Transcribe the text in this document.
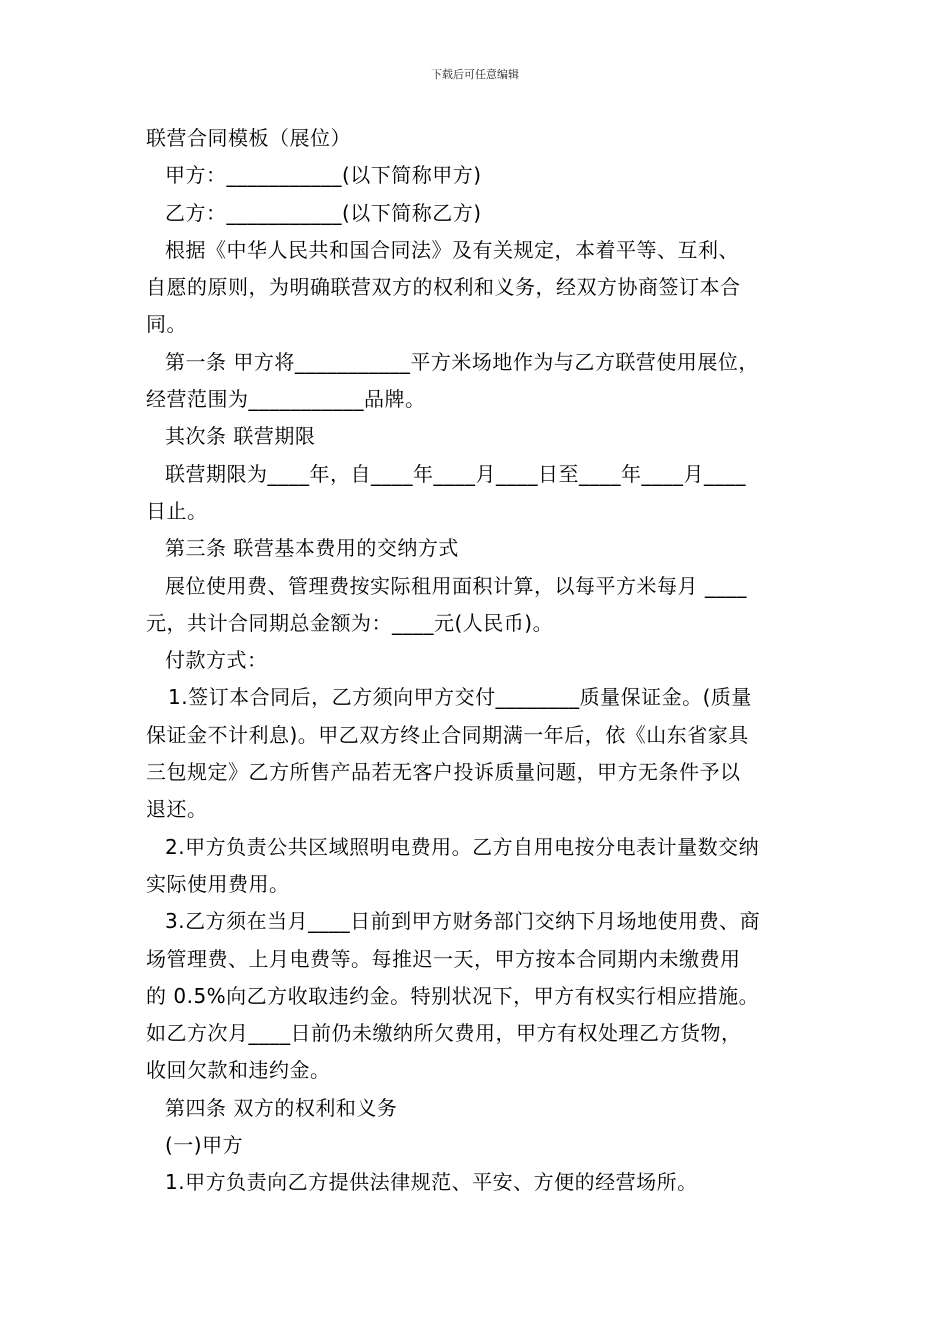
下载后可任意编辑
联营合同模板（展位）
甲方：___________(以下简称甲方)
乙方：___________(以下简称乙方)
根据《中华人民共和国合同法》及有关规定，本着平等、互利、
自愿的原则，为明确联营双方的权利和义务，经双方协商签订本合
同。
第一条 甲方将___________平方米场地作为与乙方联营使用展位，
经营范围为___________品牌。
其次条 联营期限
联营期限为____年，自____年____月____日至____年____月____
日止。
第三条 联营基本费用的交纳方式
展位使用费、管理费按实际租用面积计算，以每平方米每月 ____
元，共计合同期总金额为：____元(人民币)。
付款方式：
1.签订本合同后，乙方须向甲方交付________质量保证金。(质量
保证金不计利息)。甲乙双方终止合同期满一年后，依《山东省家具
三包规定》乙方所售产品若无客户投诉质量问题，甲方无条件予以
退还。
2.甲方负责公共区域照明电费用。乙方自用电按分电表计量数交纳
实际使用费用。
3.乙方须在当月____日前到甲方财务部门交纳下月场地使用费、商
场管理费、上月电费等。每推迟一天，甲方按本合同期内未缴费用
的 0.5%向乙方收取违约金。特别状况下，甲方有权实行相应措施。
如乙方次月____日前仍未缴纳所欠费用，甲方有权处理乙方货物，
收回欠款和违约金。
第四条 双方的权利和义务
(一)甲方
1.甲方负责向乙方提供法律规范、平安、方便的经营场所。
